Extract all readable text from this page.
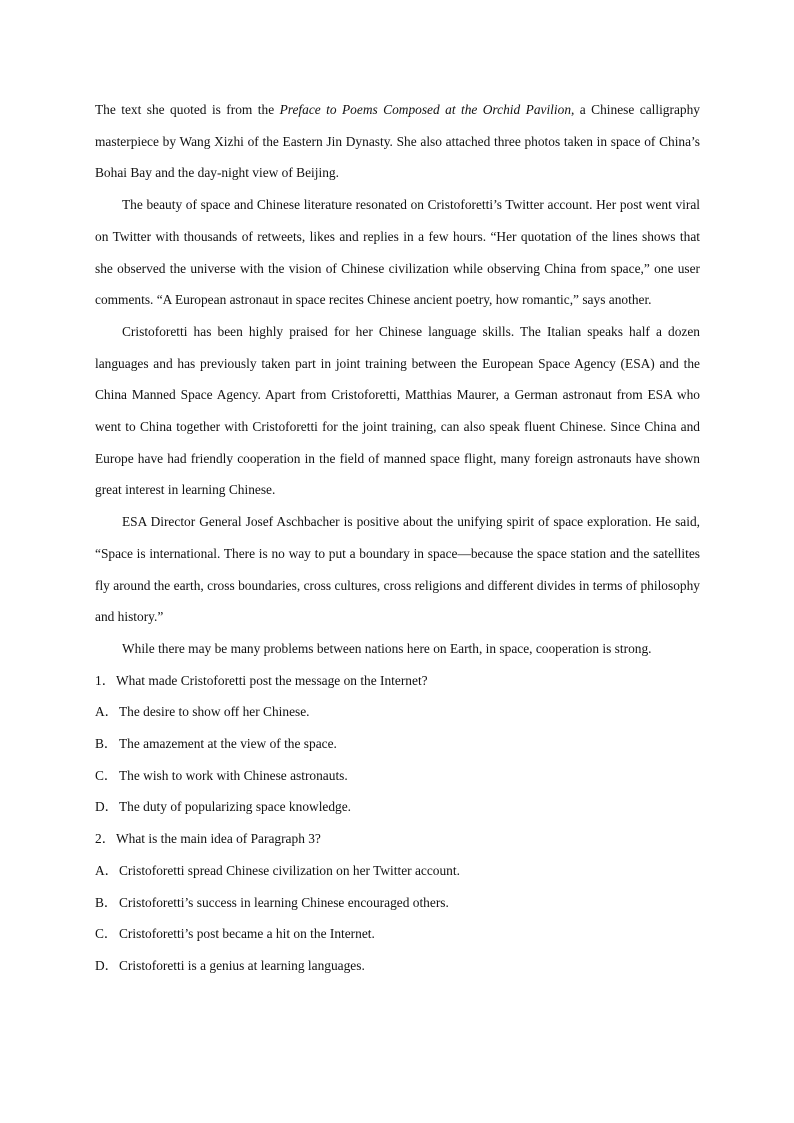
The text she quoted is from the Preface to Poems Composed at the Orchid Pavilion, a Chinese calligraphy masterpiece by Wang Xizhi of the Eastern Jin Dynasty. She also attached three photos taken in space of China’s Bohai Bay and the day-night view of Beijing.

The beauty of space and Chinese literature resonated on Cristoforetti’s Twitter account. Her post went viral on Twitter with thousands of retweets, likes and replies in a few hours. “Her quotation of the lines shows that she observed the universe with the vision of Chinese civilization while observing China from space,” one user comments. “A European astronaut in space recites Chinese ancient poetry, how romantic,” says another.

Cristoforetti has been highly praised for her Chinese language skills. The Italian speaks half a dozen languages and has previously taken part in joint training between the European Space Agency (ESA) and the China Manned Space Agency. Apart from Cristoforetti, Matthias Maurer, a German astronaut from ESA who went to China together with Cristoforetti for the joint training, can also speak fluent Chinese. Since China and Europe have had friendly cooperation in the field of manned space flight, many foreign astronauts have shown great interest in learning Chinese.

ESA Director General Josef Aschbacher is positive about the unifying spirit of space exploration. He said, “Space is international. There is no way to put a boundary in space—because the space station and the satellites fly around the earth, cross boundaries, cross cultures, cross religions and different divides in terms of philosophy and history.”

While there may be many problems between nations here on Earth, in space, cooperation is strong.

1．What made Cristoforetti post the message on the Internet?

A．The desire to show off her Chinese.

B． The amazement at the view of the space.

C． The wish to work with Chinese astronauts.

D．The duty of popularizing space knowledge.

2．What is the main idea of Paragraph 3?

A．Cristoforetti spread Chinese civilization on her Twitter account.

B． Cristoforetti’s success in learning Chinese encouraged others.

C． Cristoforetti’s post became a hit on the Internet.

D．Cristoforetti is a genius at learning languages.
